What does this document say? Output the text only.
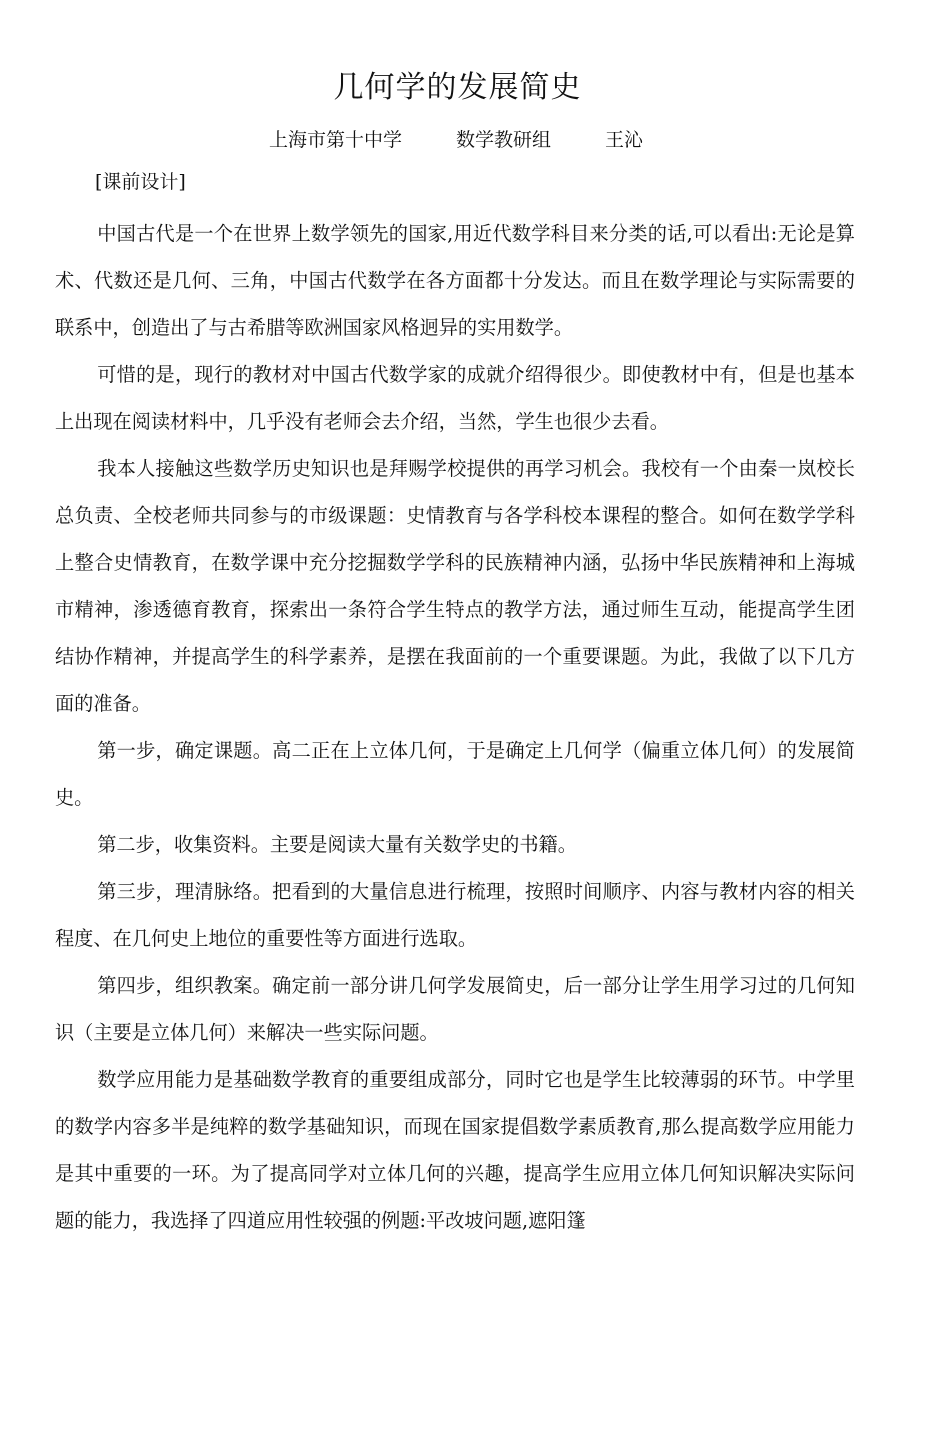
几何学的发展简史
上海市第十中学	数学教研组	王沁
[课前设计]

中国古代是一个在世界上数学领先的国家,用近代数学科目来分类的话,可以看出:无论是算术、代数还是几何、三角，中国古代数学在各方面都十分发达。而且在数学理论与实际需要的联系中，创造出了与古希腊等欧洲国家风格迥异的实用数学。

可惜的是，现行的教材对中国古代数学家的成就介绍得很少。即使教材中有，但是也基本上出现在阅读材料中，几乎没有老师会去介绍，当然，学生也很少去看。

我本人接触这些数学历史知识也是拜赐学校提供的再学习机会。我校有一个由秦一岚校长总负责、全校老师共同参与的市级课题：史情教育与各学科校本课程的整合。如何在数学学科上整合史情教育，在数学课中充分挖掘数学学科的民族精神内涵，弘扬中华民族精神和上海城市精神，渗透德育教育，探索出一条符合学生特点的教学方法，通过师生互动，能提高学生团结协作精神，并提高学生的科学素养，是摆在我面前的一个重要课题。为此，我做了以下几方面的准备。

第一步，确定课题。高二正在上立体几何，于是确定上几何学（偏重立体几何）的发展简史。

第二步，收集资料。主要是阅读大量有关数学史的书籍。

第三步，理清脉络。把看到的大量信息进行梳理，按照时间顺序、内容与教材内容的相关程度、在几何史上地位的重要性等方面进行选取。

第四步，组织教案。确定前一部分讲几何学发展简史，后一部分让学生用学习过的几何知识（主要是立体几何）来解决一些实际问题。

数学应用能力是基础数学教育的重要组成部分，同时它也是学生比较薄弱的环节。中学里的数学内容多半是纯粹的数学基础知识，而现在国家提倡数学素质教育,那么提高数学应用能力是其中重要的一环。为了提高同学对立体几何的兴趣，提高学生应用立体几何知识解决实际问题的能力，我选择了四道应用性较强的例题:平改坡问题,遮阳篷
